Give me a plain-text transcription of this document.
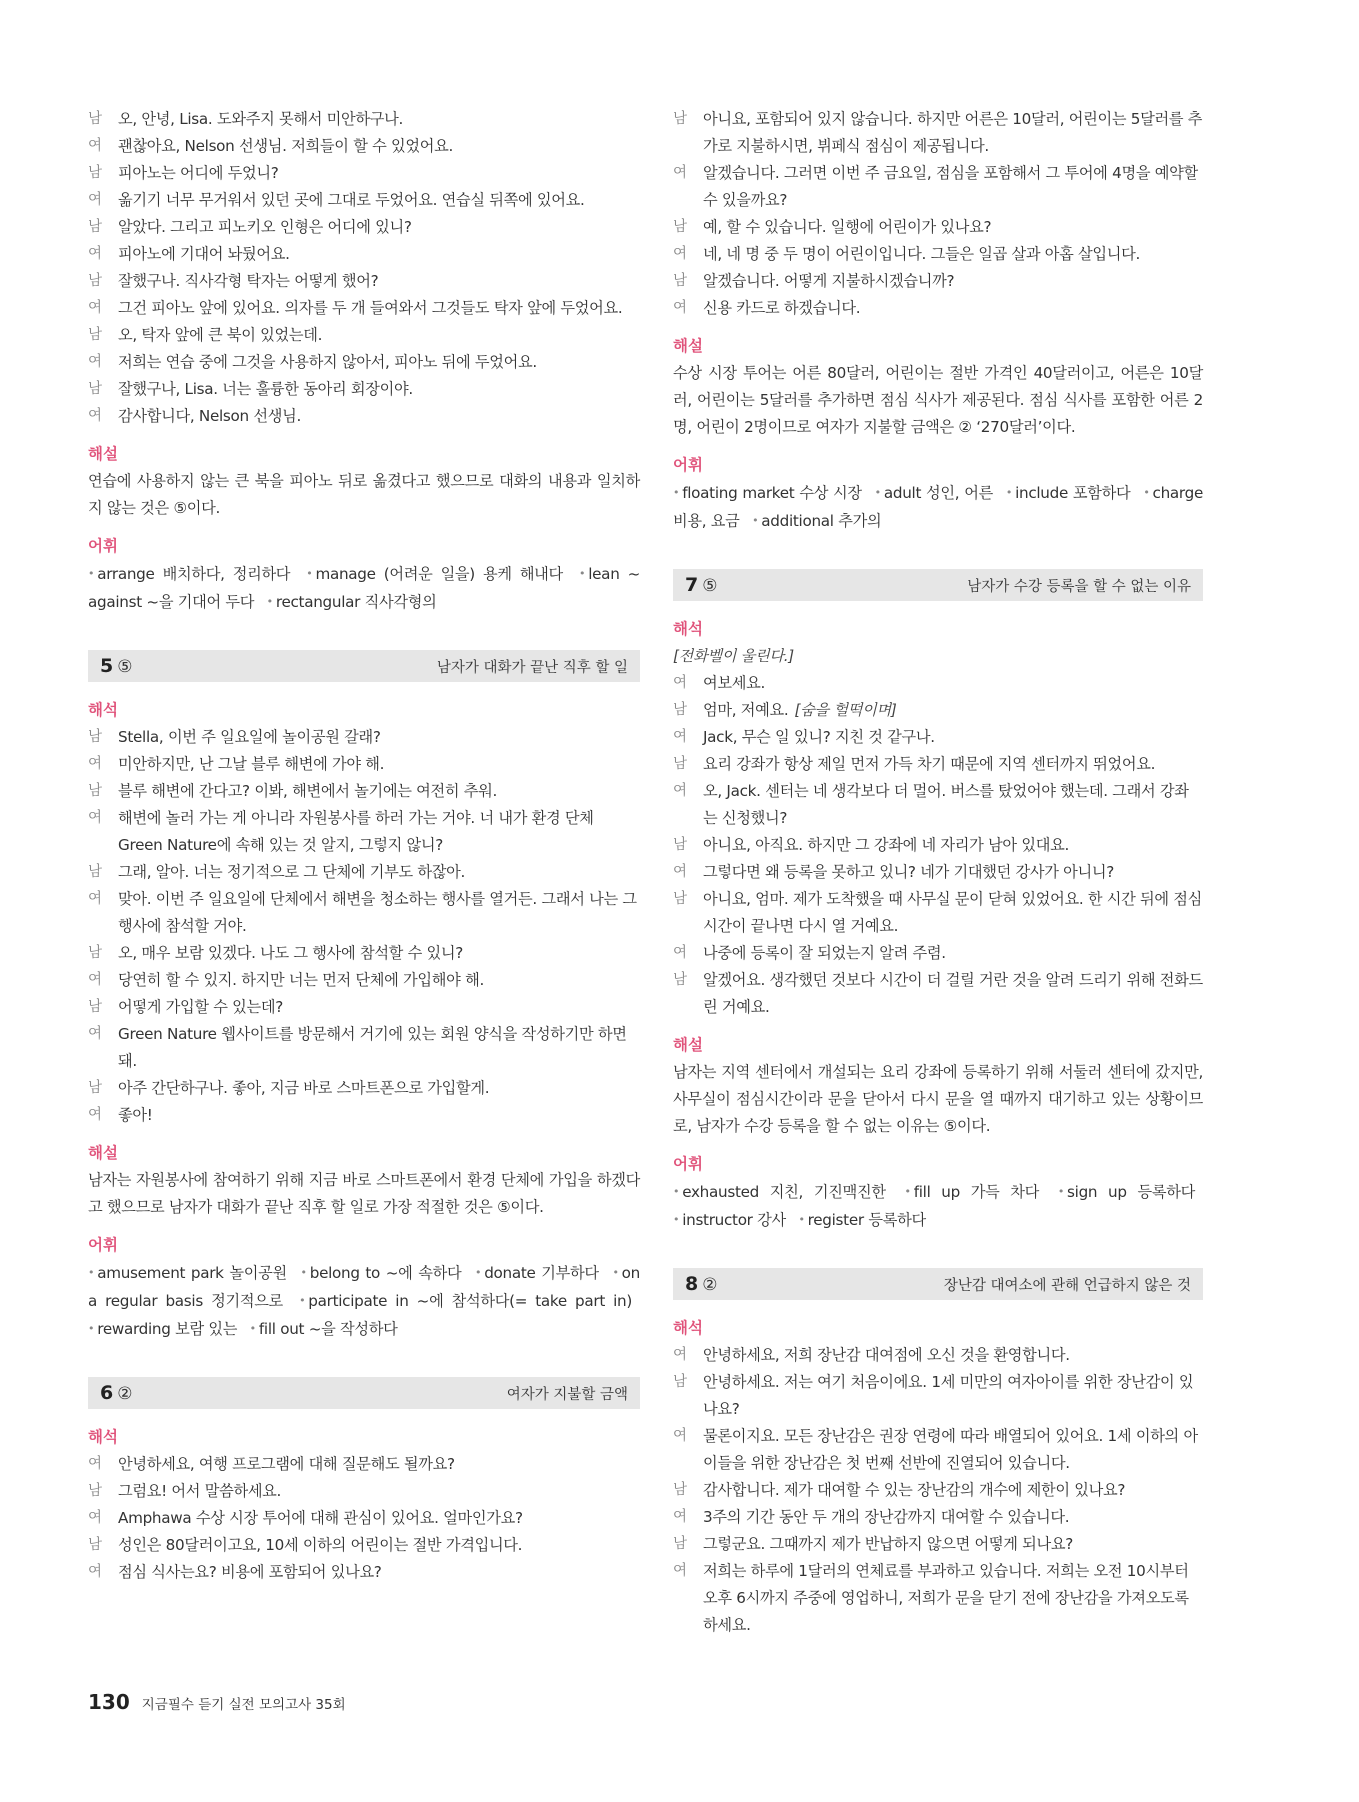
남	오, 안녕, Lisa. 도와주지 못해서 미안하구나.
여	괜찮아요, Nelson 선생님. 저희들이 할 수 있었어요.
남	피아노는 어디에 두었니?
여	옮기기 너무 무거워서 있던 곳에 그대로 두었어요. 연습실 뒤쪽에 있어요.
남	알았다. 그리고 피노키오 인형은 어디에 있니?
여	피아노에 기대어 놔뒀어요.
남	잘했구나. 직사각형 탁자는 어떻게 했어?
여	그건 피아노 앞에 있어요. 의자를 두 개 들여와서 그것들도 탁자 앞에 두었어요.
남	오, 탁자 앞에 큰 북이 있었는데.
여	저희는 연습 중에 그것을 사용하지 않아서, 피아노 뒤에 두었어요.
남	잘했구나, Lisa. 너는 훌륭한 동아리 회장이야.
여	감사합니다, Nelson 선생님.
해설

연습에 사용하지 않는 큰 북을 피아노 뒤로 옮겼다고 했으므로 대화의 내용과 일치하지 않는 것은 ⑤이다.

어휘

• arrange 배치하다, 정리하다 • manage (어려운 일을) 용케 해내다 • lean ~ against ~을 기대어 두다 • rectangular 직사각형의

5 ⑤	남자가 대화가 끝난 직후 할 일
해석
남	Stella, 이번 주 일요일에 놀이공원 갈래?
여	미안하지만, 난 그날 블루 해변에 가야 해.
남	블루 해변에 간다고? 이봐, 해변에서 놀기에는 여전히 추워.
여	해변에 놀러 가는 게 아니라 자원봉사를 하러 가는 거야. 너 내가 환경 단체 Green Nature에 속해 있는 것 알지, 그렇지 않니?
남	그래, 알아. 너는 정기적으로 그 단체에 기부도 하잖아.
여	맞아. 이번 주 일요일에 단체에서 해변을 청소하는 행사를 열거든. 그래서 나는 그 행사에 참석할 거야.
남	오, 매우 보람 있겠다. 나도 그 행사에 참석할 수 있니?
여	당연히 할 수 있지. 하지만 너는 먼저 단체에 가입해야 해.
남	어떻게 가입할 수 있는데?
여	Green Nature 웹사이트를 방문해서 거기에 있는 회원 양식을 작성하기만 하면 돼.
남	아주 간단하구나. 좋아, 지금 바로 스마트폰으로 가입할게.
여	좋아!
해설

남자는 자원봉사에 참여하기 위해 지금 바로 스마트폰에서 환경 단체에 가입을 하겠다고 했으므로 남자가 대화가 끝난 직후 할 일로 가장 적절한 것은 ⑤이다.

어휘

• amusement park 놀이공원 • belong to ~에 속하다 • donate 기부하다 • on a regular basis 정기적으로 • participate in ~에 참석하다(= take part in) • rewarding 보람 있는 • fill out ~을 작성하다

6 ②	여자가 지불할 금액
해석
여	안녕하세요, 여행 프로그램에 대해 질문해도 될까요?
남	그럼요! 어서 말씀하세요.
여	Amphawa 수상 시장 투어에 대해 관심이 있어요. 얼마인가요?
남	성인은 80달러이고요, 10세 이하의 어린이는 절반 가격입니다.
여	점심 식사는요? 비용에 포함되어 있나요?
남	아니요, 포함되어 있지 않습니다. 하지만 어른은 10달러, 어린이는 5달러를 추가로 지불하시면, 뷔페식 점심이 제공됩니다.
여	알겠습니다. 그러면 이번 주 금요일, 점심을 포함해서 그 투어에 4명을 예약할 수 있을까요?
남	예, 할 수 있습니다. 일행에 어린이가 있나요?
여	네, 네 명 중 두 명이 어린이입니다. 그들은 일곱 살과 아홉 살입니다.
남	알겠습니다. 어떻게 지불하시겠습니까?
여	신용 카드로 하겠습니다.
해설

수상 시장 투어는 어른 80달러, 어린이는 절반 가격인 40달러이고, 어른은 10달러, 어린이는 5달러를 추가하면 점심 식사가 제공된다. 점심 식사를 포함한 어른 2명, 어린이 2명이므로 여자가 지불할 금액은 ② ‘270달러’이다.

어휘

• floating market 수상 시장 • adult 성인, 어른 • include 포함하다 • charge 비용, 요금 • additional 추가의

7 ⑤	남자가 수강 등록을 할 수 없는 이유
해석
[전화벨이 울린다.]
여	여보세요.
남	엄마, 저예요. [숨을 헐떡이며]
여	Jack, 무슨 일 있니? 지친 것 같구나.
남	요리 강좌가 항상 제일 먼저 가득 차기 때문에 지역 센터까지 뛰었어요.
여	오, Jack. 센터는 네 생각보다 더 멀어. 버스를 탔었어야 했는데. 그래서 강좌는 신청했니?
남	아니요, 아직요. 하지만 그 강좌에 네 자리가 남아 있대요.
여	그렇다면 왜 등록을 못하고 있니? 네가 기대했던 강사가 아니니?
남	아니요, 엄마. 제가 도착했을 때 사무실 문이 닫혀 있었어요. 한 시간 뒤에 점심시간이 끝나면 다시 열 거예요.
여	나중에 등록이 잘 되었는지 알려 주렴.
남	알겠어요. 생각했던 것보다 시간이 더 걸릴 거란 것을 알려 드리기 위해 전화드린 거예요.
해설

남자는 지역 센터에서 개설되는 요리 강좌에 등록하기 위해 서둘러 센터에 갔지만, 사무실이 점심시간이라 문을 닫아서 다시 문을 열 때까지 대기하고 있는 상황이므로, 남자가 수강 등록을 할 수 없는 이유는 ⑤이다.

어휘

• exhausted 지친, 기진맥진한 • fill up 가득 차다 • sign up 등록하다 • instructor 강사 • register 등록하다

8 ②	장난감 대여소에 관해 언급하지 않은 것
해석
여	안녕하세요, 저희 장난감 대여점에 오신 것을 환영합니다.
남	안녕하세요. 저는 여기 처음이에요. 1세 미만의 여자아이를 위한 장난감이 있나요?
여	물론이지요. 모든 장난감은 권장 연령에 따라 배열되어 있어요. 1세 이하의 아이들을 위한 장난감은 첫 번째 선반에 진열되어 있습니다.
남	감사합니다. 제가 대여할 수 있는 장난감의 개수에 제한이 있나요?
여	3주의 기간 동안 두 개의 장난감까지 대여할 수 있습니다.
남	그렇군요. 그때까지 제가 반납하지 않으면 어떻게 되나요?
여	저희는 하루에 1달러의 연체료를 부과하고 있습니다. 저희는 오전 10시부터 오후 6시까지 주중에 영업하니, 저희가 문을 닫기 전에 장난감을 가져오도록 하세요.
130 지금필수 듣기 실전 모의고사 35회
